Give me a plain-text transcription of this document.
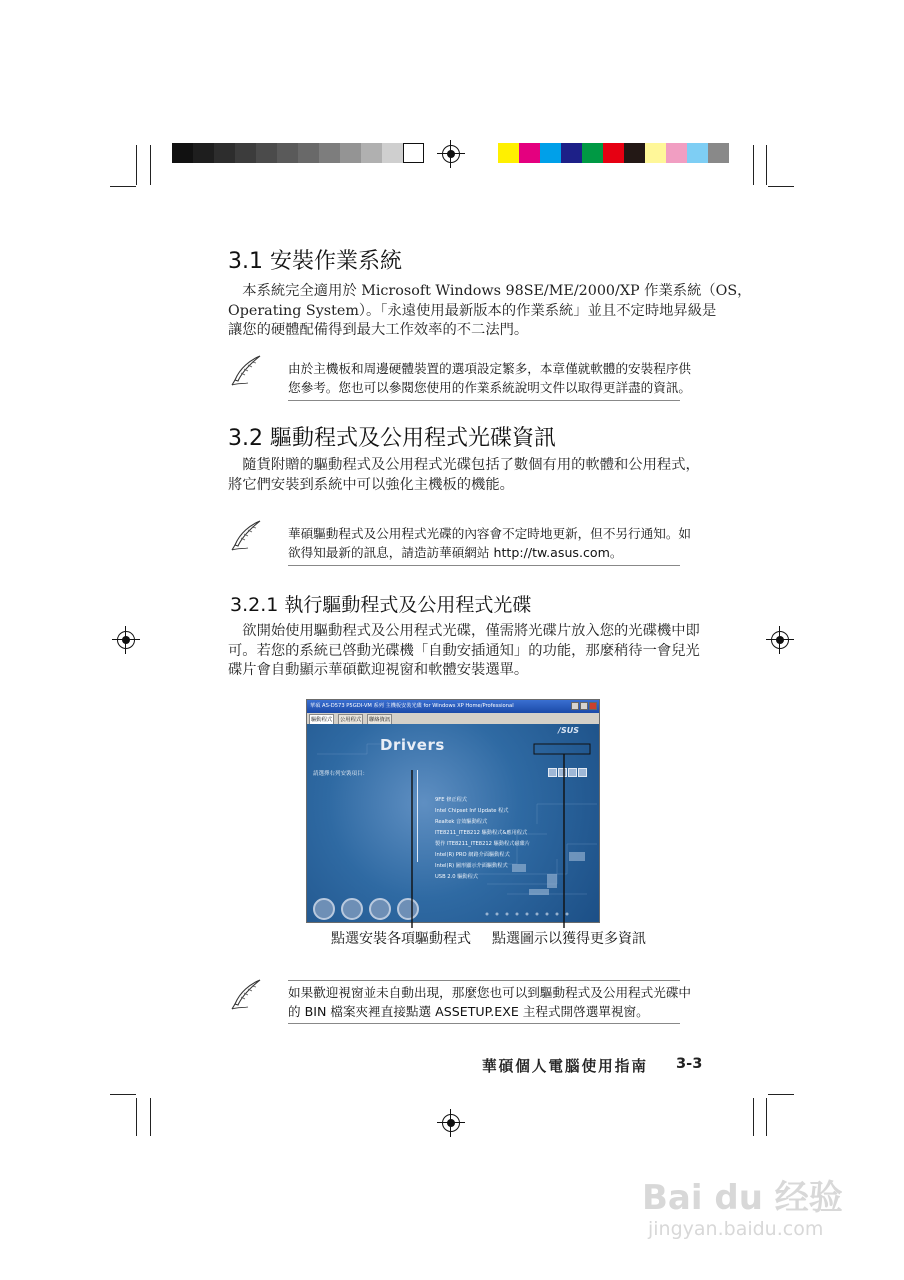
3.1 安裝作業系統

　本系統完全適用於 Microsoft Windows 98SE/ME/2000/XP 作業系統（OS，

Operating System）。「永遠使用最新版本的作業系統」並且不定時地昇級是

讓您的硬體配備得到最大工作效率的不二法門。

由於主機板和周邊硬體裝置的選項設定繁多，本章僅就軟體的安裝程序供

您參考。您也可以參閱您使用的作業系統說明文件以取得更詳盡的資訊。

3.2 驅動程式及公用程式光碟資訊

　隨貨附贈的驅動程式及公用程式光碟包括了數個有用的軟體和公用程式，

將它們安裝到系統中可以強化主機板的機能。

華碩驅動程式及公用程式光碟的內容會不定時地更新，但不另行通知。如

欲得知最新的訊息，請造訪華碩網站 http://tw.asus.com。

3.2.1 執行驅動程式及公用程式光碟

　欲開始使用驅動程式及公用程式光碟，僅需將光碟片放入您的光碟機中即

可。若您的系統已啓動光碟機「自動安插通知」的功能，那麼稍待一會兒光

碟片會自動顯示華碩歡迎視窗和軟體安裝選單。

華碩 AS-D573 P5GDI-VM 系列 主機板安裝光碟 for Windows XP Home/Professional
驅動程式	公用程式	聯絡資訊
/SUS
Drivers
請選擇右列安裝項目：
9FE 修正程式
Intel Chipset Inf Update 程式
Realtek 音效驅動程式
ITE8211_ITE8212 驅動程式&應用程式
製作 ITE8211_ITE8212 驅動程式磁碟片
Intel(R) PRO 網路介面驅動程式
Intel(R) 圖形顯示介面驅動程式
USB 2.0 驅動程式
點選安裝各項驅動程式 點選圖示以獲得更多資訊

如果歡迎視窗並未自動出現，那麼您也可以到驅動程式及公用程式光碟中

的 BIN 檔案夾裡直接點選 ASSETUP.EXE 主程式開啓選單視窗。

華碩個人電腦使用指南 3-3
Bai du 经验
jingyan.baidu.com
